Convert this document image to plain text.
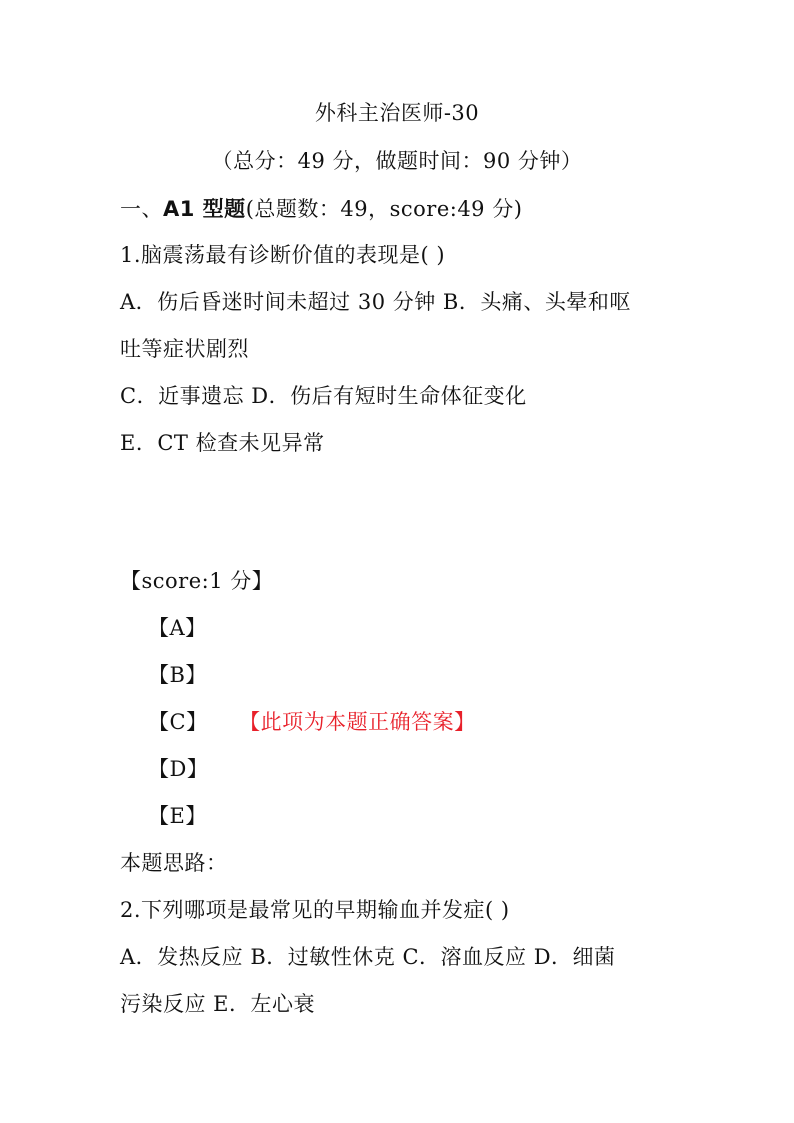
外科主治医师-30
（总分：49 分，做题时间：90 分钟）
一、A1 型题(总题数：49，score:49 分)
1.脑震荡最有诊断价值的表现是( )
A．伤后昏迷时间未超过 30 分钟 B．头痛、头晕和呕
吐等症状剧烈
C．近事遗忘 D．伤后有短时生命体征变化
E．CT 检查未见异常
【score:1 分】
【A】
【B】
【C】 【此项为本题正确答案】
【D】
【E】
本题思路：
2.下列哪项是最常见的早期输血并发症( )
A．发热反应 B．过敏性休克 C．溶血反应 D．细菌
污染反应 E．左心衰
